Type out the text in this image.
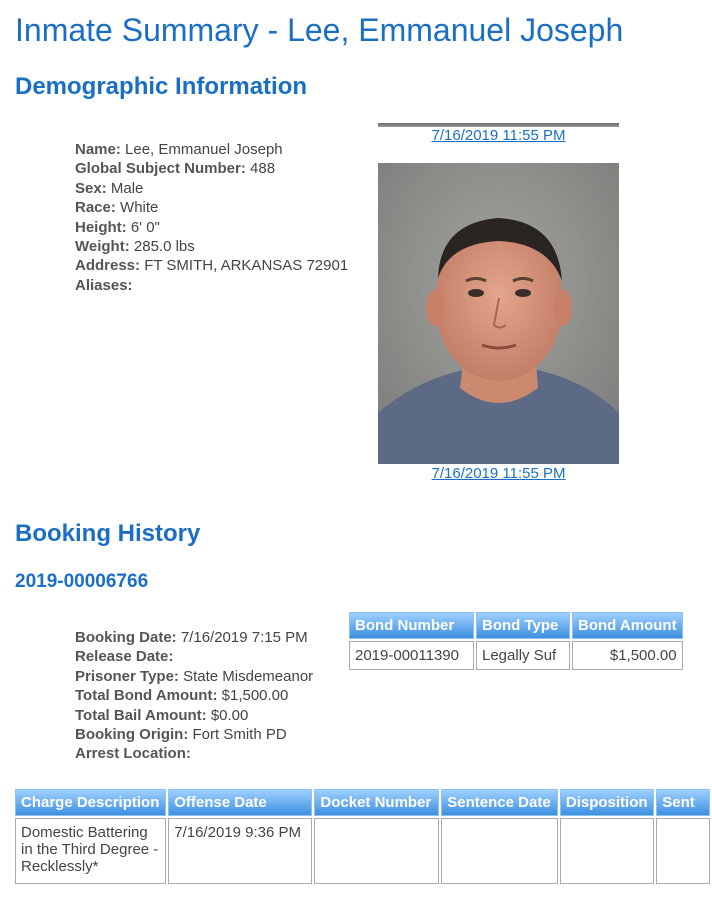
Inmate Summary - Lee, Emmanuel Joseph
Demographic Information
Name: Lee, Emmanuel Joseph
Global Subject Number: 488
Sex: Male
Race: White
Height: 6' 0"
Weight: 285.0 lbs
Address: FT SMITH, ARKANSAS 72901
Aliases:
7/16/2019 11:55 PM
7/16/2019 11:55 PM
Booking History
2019-00006766
Booking Date: 7/16/2019 7:15 PM
Release Date:
Prisoner Type: State Misdemeanor
Total Bond Amount: $1,500.00
Total Bail Amount: $0.00
Booking Origin: Fort Smith PD
Arrest Location:
Bond Number	Bond Type	Bond Amount
2019-00011390	Legally Suf	$1,500.00
Charge Description	Offense Date	Docket Number	Sentence Date	Disposition	Sent
Domestic Battering in the Third Degree - Recklessly*	7/16/2019 9:36 PM				
